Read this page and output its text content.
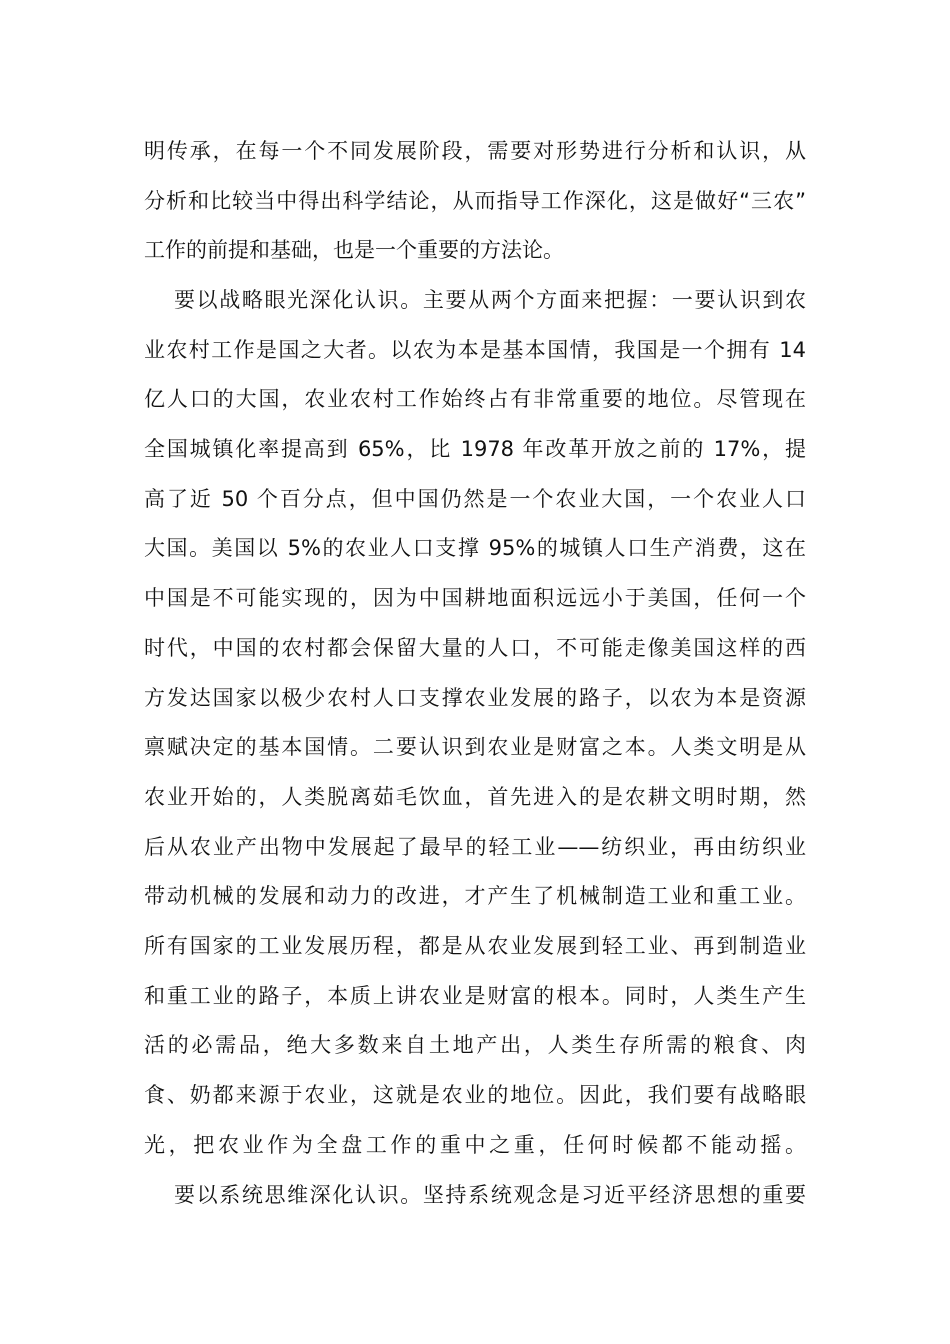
明传承，在每一个不同发展阶段，需要对形势进行分析和认识，从
分析和比较当中得出科学结论，从而指导工作深化，这是做好“三农”
工作的前提和基础，也是一个重要的方法论。
要以战略眼光深化认识。主要从两个方面来把握：一要认识到农
业农村工作是国之大者。以农为本是基本国情，我国是一个拥有 14
亿人口的大国，农业农村工作始终占有非常重要的地位。尽管现在
全国城镇化率提高到 65%，比 1978 年改革开放之前的 17%，提
高了近 50 个百分点，但中国仍然是一个农业大国，一个农业人口
大国。美国以 5%的农业人口支撑 95%的城镇人口生产消费，这在
中国是不可能实现的，因为中国耕地面积远远小于美国，任何一个
时代，中国的农村都会保留大量的人口，不可能走像美国这样的西
方发达国家以极少农村人口支撑农业发展的路子，以农为本是资源
禀赋决定的基本国情。二要认识到农业是财富之本。人类文明是从
农业开始的，人类脱离茹毛饮血，首先进入的是农耕文明时期，然
后从农业产出物中发展起了最早的轻工业——纺织业，再由纺织业
带动机械的发展和动力的改进，才产生了机械制造工业和重工业。
所有国家的工业发展历程，都是从农业发展到轻工业、再到制造业
和重工业的路子，本质上讲农业是财富的根本。同时，人类生产生
活的必需品，绝大多数来自土地产出，人类生存所需的粮食、肉
食、奶都来源于农业，这就是农业的地位。因此，我们要有战略眼
光，把农业作为全盘工作的重中之重，任何时候都不能动摇。
要以系统思维深化认识。坚持系统观念是习近平经济思想的重要
